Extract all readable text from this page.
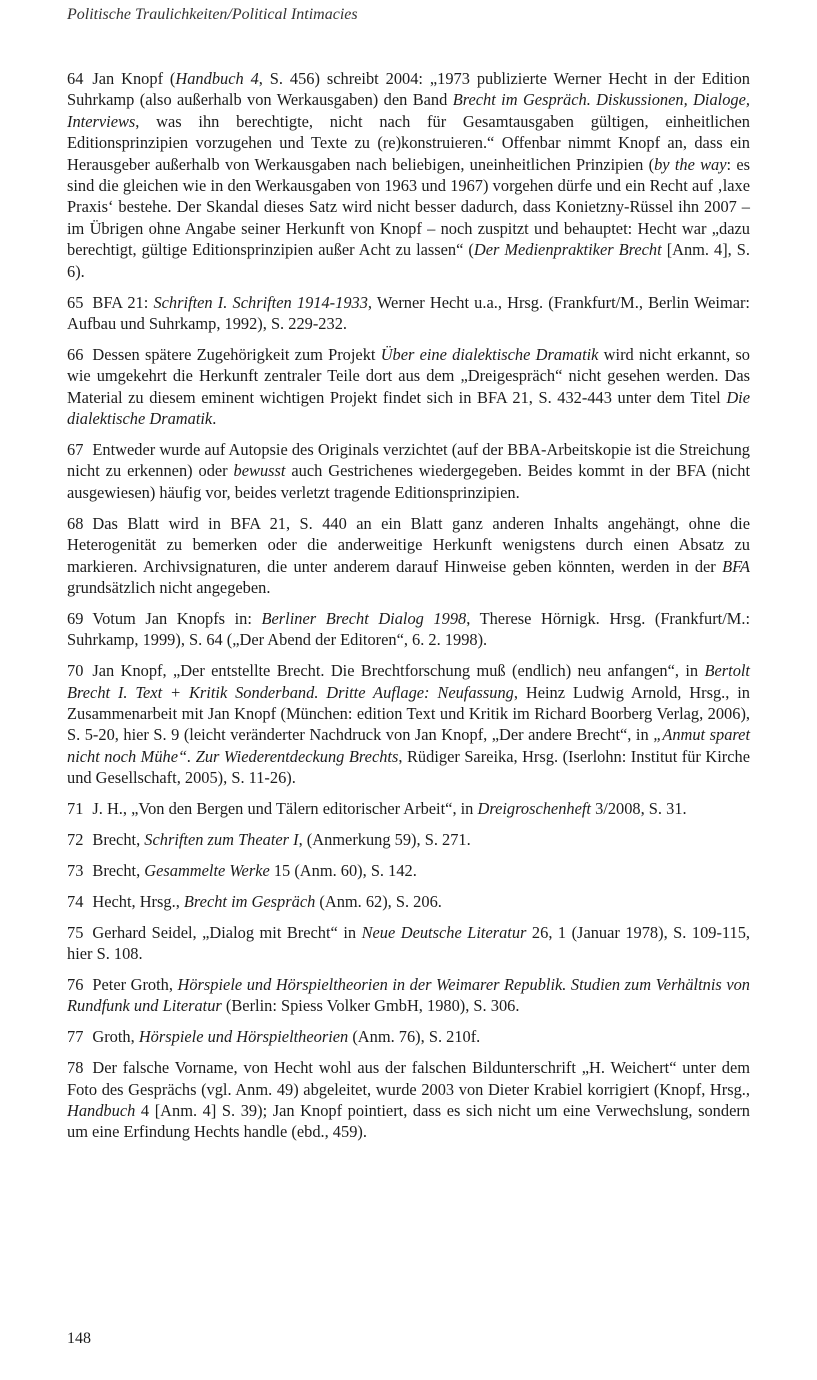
Politische Traulichkeiten/Political Intimacies

64 Jan Knopf (Handbuch 4, S. 456) schreibt 2004: „1973 publizierte Werner Hecht in der Edition Suhrkamp (also außerhalb von Werkausgaben) den Band Brecht im Gespräch. Diskussionen, Dialoge, Interviews, was ihn berechtigte, nicht nach für Gesamtausgaben gültigen, einheitlichen Editionsprinzipien vorzugehen und Texte zu (re)konstruieren.“ Offenbar nimmt Knopf an, dass ein Herausgeber außerhalb von Werkausgaben nach beliebigen, uneinheitlichen Prinzipien (by the way: es sind die gleichen wie in den Werkausgaben von 1963 und 1967) vorgehen dürfe und ein Recht auf ‚laxe Praxis‘ bestehe. Der Skandal dieses Satz wird nicht besser dadurch, dass Konietzny-Rüssel ihn 2007 – im Übrigen ohne Angabe seiner Herkunft von Knopf – noch zuspitzt und behauptet: Hecht war „dazu berechtigt, gültige Editionsprinzipien außer Acht zu lassen“ (Der Medienpraktiker Brecht [Anm. 4], S. 6).

65 BFA 21: Schriften I. Schriften 1914-1933, Werner Hecht u.a., Hrsg. (Frankfurt/M., Berlin Weimar: Aufbau und Suhrkamp, 1992), S. 229-232.

66 Dessen spätere Zugehörigkeit zum Projekt Über eine dialektische Dramatik wird nicht erkannt, so wie umgekehrt die Herkunft zentraler Teile dort aus dem „Dreigespräch“ nicht gesehen werden. Das Material zu diesem eminent wichtigen Projekt findet sich in BFA 21, S. 432-443 unter dem Titel Die dialektische Dramatik.

67 Entweder wurde auf Autopsie des Originals verzichtet (auf der BBA-Arbeitskopie ist die Streichung nicht zu erkennen) oder bewusst auch Gestrichenes wiedergegeben. Beides kommt in der BFA (nicht ausgewiesen) häufig vor, beides verletzt tragende Editionsprinzipien.

68 Das Blatt wird in BFA 21, S. 440 an ein Blatt ganz anderen Inhalts angehängt, ohne die Heterogenität zu bemerken oder die anderweitige Herkunft wenigstens durch einen Absatz zu markieren. Archivsignaturen, die unter anderem darauf Hinweise geben könnten, werden in der BFA grundsätzlich nicht angegeben.

69 Votum Jan Knopfs in: Berliner Brecht Dialog 1998, Therese Hörnigk. Hrsg. (Frankfurt/M.: Suhrkamp, 1999), S. 64 („Der Abend der Editoren“, 6. 2. 1998).

70 Jan Knopf, „Der entstellte Brecht. Die Brechtforschung muß (endlich) neu anfangen“, in Bertolt Brecht I. Text + Kritik Sonderband. Dritte Auflage: Neufassung, Heinz Ludwig Arnold, Hrsg., in Zusammenarbeit mit Jan Knopf (München: edition Text und Kritik im Richard Boorberg Verlag, 2006), S. 5-20, hier S. 9 (leicht veränderter Nachdruck von Jan Knopf, „Der andere Brecht“, in „Anmut sparet nicht noch Mühe“. Zur Wiederentdeckung Brechts, Rüdiger Sareika, Hrsg. (Iserlohn: Institut für Kirche und Gesellschaft, 2005), S. 11-26).

71 J. H., „Von den Bergen und Tälern editorischer Arbeit“, in Dreigroschenheft 3/2008, S. 31.

72 Brecht, Schriften zum Theater I, (Anmerkung 59), S. 271.

73 Brecht, Gesammelte Werke 15 (Anm. 60), S. 142.

74 Hecht, Hrsg., Brecht im Gespräch (Anm. 62), S. 206.

75 Gerhard Seidel, „Dialog mit Brecht“ in Neue Deutsche Literatur 26, 1 (Januar 1978), S. 109-115, hier S. 108.

76 Peter Groth, Hörspiele und Hörspieltheorien in der Weimarer Republik. Studien zum Verhältnis von Rundfunk und Literatur (Berlin: Spiess Volker GmbH, 1980), S. 306.

77 Groth, Hörspiele und Hörspieltheorien (Anm. 76), S. 210f.

78 Der falsche Vorname, von Hecht wohl aus der falschen Bildunterschrift „H. Weichert“ unter dem Foto des Gesprächs (vgl. Anm. 49) abgeleitet, wurde 2003 von Dieter Krabiel korrigiert (Knopf, Hrsg., Handbuch 4 [Anm. 4] S. 39); Jan Knopf pointiert, dass es sich nicht um eine Verwechslung, sondern um eine Erfindung Hechts handle (ebd., 459).

148
